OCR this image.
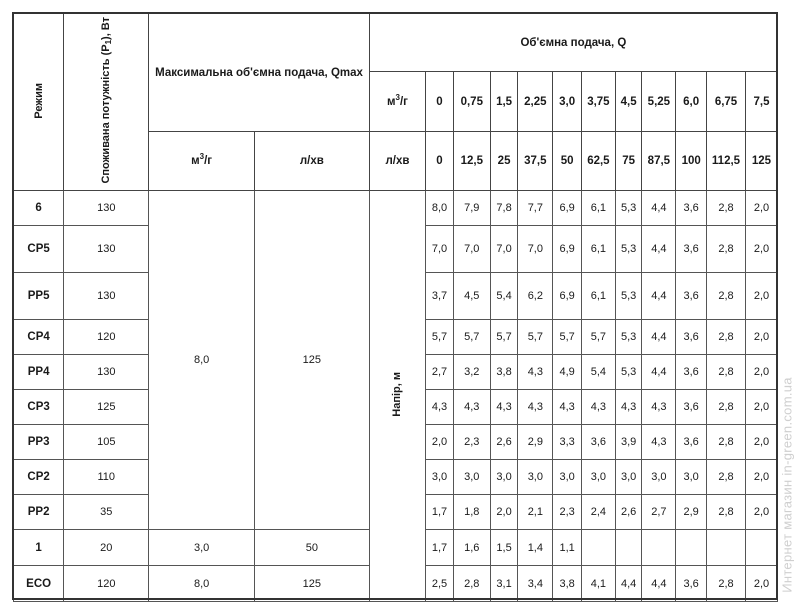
Режим	Споживана потужність $(P_1)$, Вт	Максимальна об'ємна подача, Qmax		Об'ємна подача, Q											
				$м^3/г$	0	0,75	1,5	2,25	3,0	3,75	4,5	5,25	6,0	6,75	7,5
		$м^3/г$	л/хв	л/хв	0	12,5	25	37,5	50	62,5	75	87,5	100	112,5	125
6	130	8,0	125	Напір, м	8,0	7,9	7,8	7,7	6,9	6,1	5,3	4,4	3,6	2,8	2,0
CP5	130				7,0	7,0	7,0	7,0	6,9	6,1	5,3	4,4	3,6	2,8	2,0
PP5	130				3,7	4,5	5,4	6,2	6,9	6,1	5,3	4,4	3,6	2,8	2,0
CP4	120				5,7	5,7	5,7	5,7	5,7	5,7	5,3	4,4	3,6	2,8	2,0
PP4	130				2,7	3,2	3,8	4,3	4,9	5,4	5,3	4,4	3,6	2,8	2,0
CP3	125				4,3	4,3	4,3	4,3	4,3	4,3	4,3	4,3	3,6	2,8	2,0
PP3	105				2,0	2,3	2,6	2,9	3,3	3,6	3,9	4,3	3,6	2,8	2,0
CP2	110				3,0	3,0	3,0	3,0	3,0	3,0	3,0	3,0	3,0	2,8	2,0
PP2	35				1,7	1,8	2,0	2,1	2,3	2,4	2,6	2,7	2,9	2,8	2,0
1	20	3,0	50		1,7	1,6	1,5	1,4	1,1						
ECO	120	8,0	125		2,5	2,8	3,1	3,4	3,8	4,1	4,4	4,4	3,6	2,8	2,0 Интернет магазин in-green.com.ua
